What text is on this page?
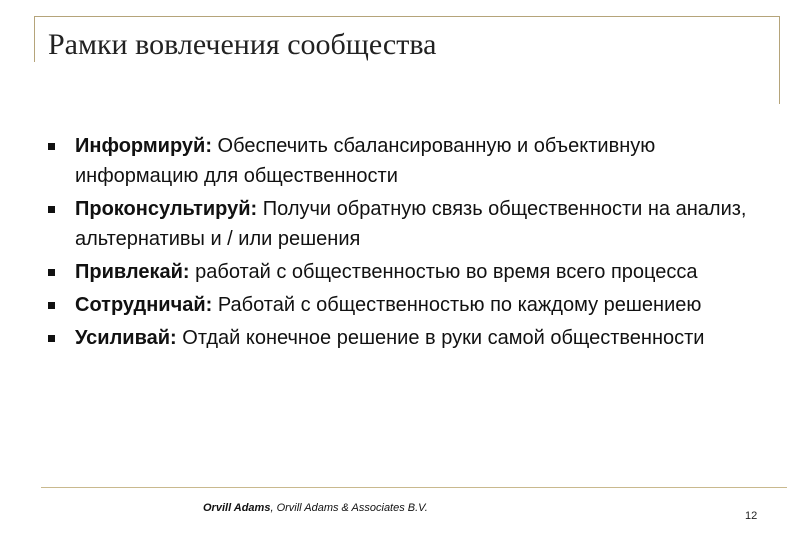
Рамки вовлечения сообщества
Информируй: Обеспечить сбалансированную и объективную информацию для общественности
Проконсультируй: Получи обратную связь общественности на анализ, альтернативы и / или решения
Привлекай: работай с общественностью во время всего процесса
Сотрудничай: Работай с общественностью по каждому решениею
Усиливай: Отдай конечное решение в руки самой общественности
Orvill Adams, Orvill Adams & Associates B.V.
12
